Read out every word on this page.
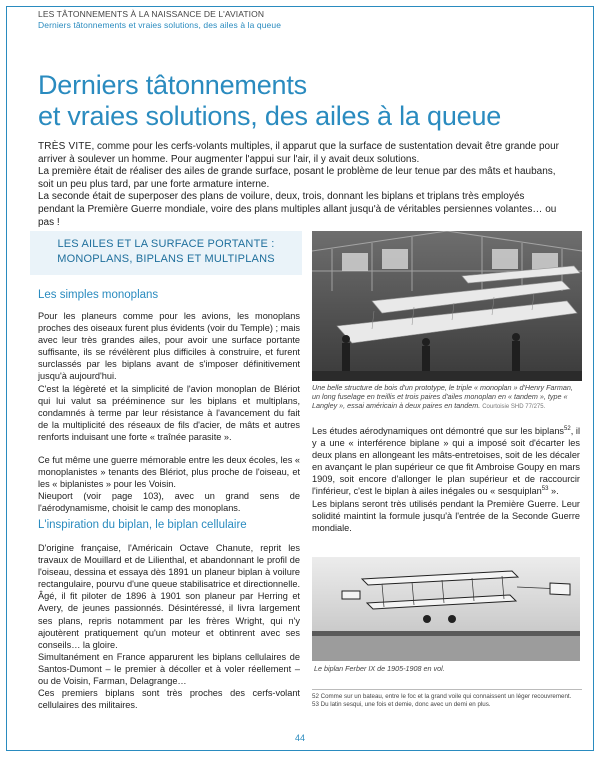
LES TÂTONNEMENTS À LA NAISSANCE DE L'AVIATION
Derniers tâtonnements et vraies solutions, des ailes à la queue
Derniers tâtonnements
et vraies solutions, des ailes à la queue

TRÈS VITE, comme pour les cerfs-volants multiples, il apparut que la surface de sustentation devait être grande pour arriver à soulever un homme. Pour augmenter l'appui sur l'air, il y avait deux solutions.

La première était de réaliser des ailes de grande surface, posant le problème de leur tenue par des mâts et haubans, soit un peu plus tard, par une forte armature interne.

La seconde était de superposer des plans de voilure, deux, trois, donnant les biplans et triplans très employés pendant la Première Guerre mondiale, voire des plans multiples allant jusqu'à de véritables persiennes volantes… ou pas !

LES AILES ET LA SURFACE PORTANTE :
MONOPLANS, BIPLANS ET MULTIPLANS
Les simples monoplans

Pour les planeurs comme pour les avions, les monoplans proches des oiseaux furent plus évidents (voir du Temple) ; mais avec leur très grandes ailes, pour avoir une surface portante suffisante, ils se révélèrent plus difficiles à construire, et furent surclassés par les biplans avant de s'imposer définitivement jusqu'à aujourd'hui.

C'est la légèreté et la simplicité de l'avion monoplan de Blériot qui lui valut sa prééminence sur les biplans et multiplans, condamnés à terme par leur résistance à l'avancement du fait de la multiplicité des réseaux de fils d'acier, de mâts et autres renforts induisant une forte « traînée parasite ».

Ce fut même une guerre mémorable entre les deux écoles, les « monoplanistes » tenants des Blériot, plus proche de l'oiseau, et les « biplanistes » pour les Voisin.

Nieuport (voir page 103), avec un grand sens de l'aérodynamisme, choisit le camp des monoplans.

L'inspiration du biplan, le biplan cellulaire

D'origine française, l'Américain Octave Chanute, reprit les travaux de Mouillard et de Lilienthal, et abandonnant le profil de l'oiseau, dessina et essaya dès 1891 un planeur biplan à voilure rectangulaire, pourvu d'une queue stabilisatrice et directionnelle. Âgé, il fit piloter de 1896 à 1901 son planeur par Herring et Avery, de jeunes passionnés. Désintéressé, il livra largement ses plans, repris notamment par les frères Wright, qui n'y ajoutèrent pratiquement qu'un moteur et obtinrent avec ses conseils… la gloire.

Simultanément en France apparurent les biplans cellulaires de Santos-Dumont – le premier à décoller et à voler réellement – ou de Voisin, Farman, Delagrange…

Ces premiers biplans sont très proches des cerfs-volant cellulaires des militaires.

Une belle structure de bois d'un prototype, le triple « monoplan » d'Henry Farman, un long fuselage en treillis et trois paires d'ailes monoplan en « tandem », type « Langley », essai américain à deux paires en tandem. Courtoisie SHD 77/275.

Les études aérodynamiques ont démontré que sur les biplans$^{52}$, il y a une « interférence biplane » qui a imposé soit d'écarter les deux plans en allongeant les mâts-entretoises, soit de les décaler en avançant le plan supérieur ce que fit Ambroise Goupy en mars 1909, soit encore d'allonger le plan supérieur et de raccourcir l'inférieur, c'est le biplan à ailes inégales ou « sesquiplan$^{53}$ ».

Les biplans seront très utilisés pendant la Première Guerre. Leur solidité maintint la formule jusqu'à l'entrée de la Seconde Guerre mondiale.

Le biplan Ferber IX de 1905-1908 en vol.
52 Comme sur un bateau, entre le foc et la grand voile qui connaissent un léger recouvrement.
53 Du latin sesqui, une fois et demie, donc avec un demi en plus.
44
